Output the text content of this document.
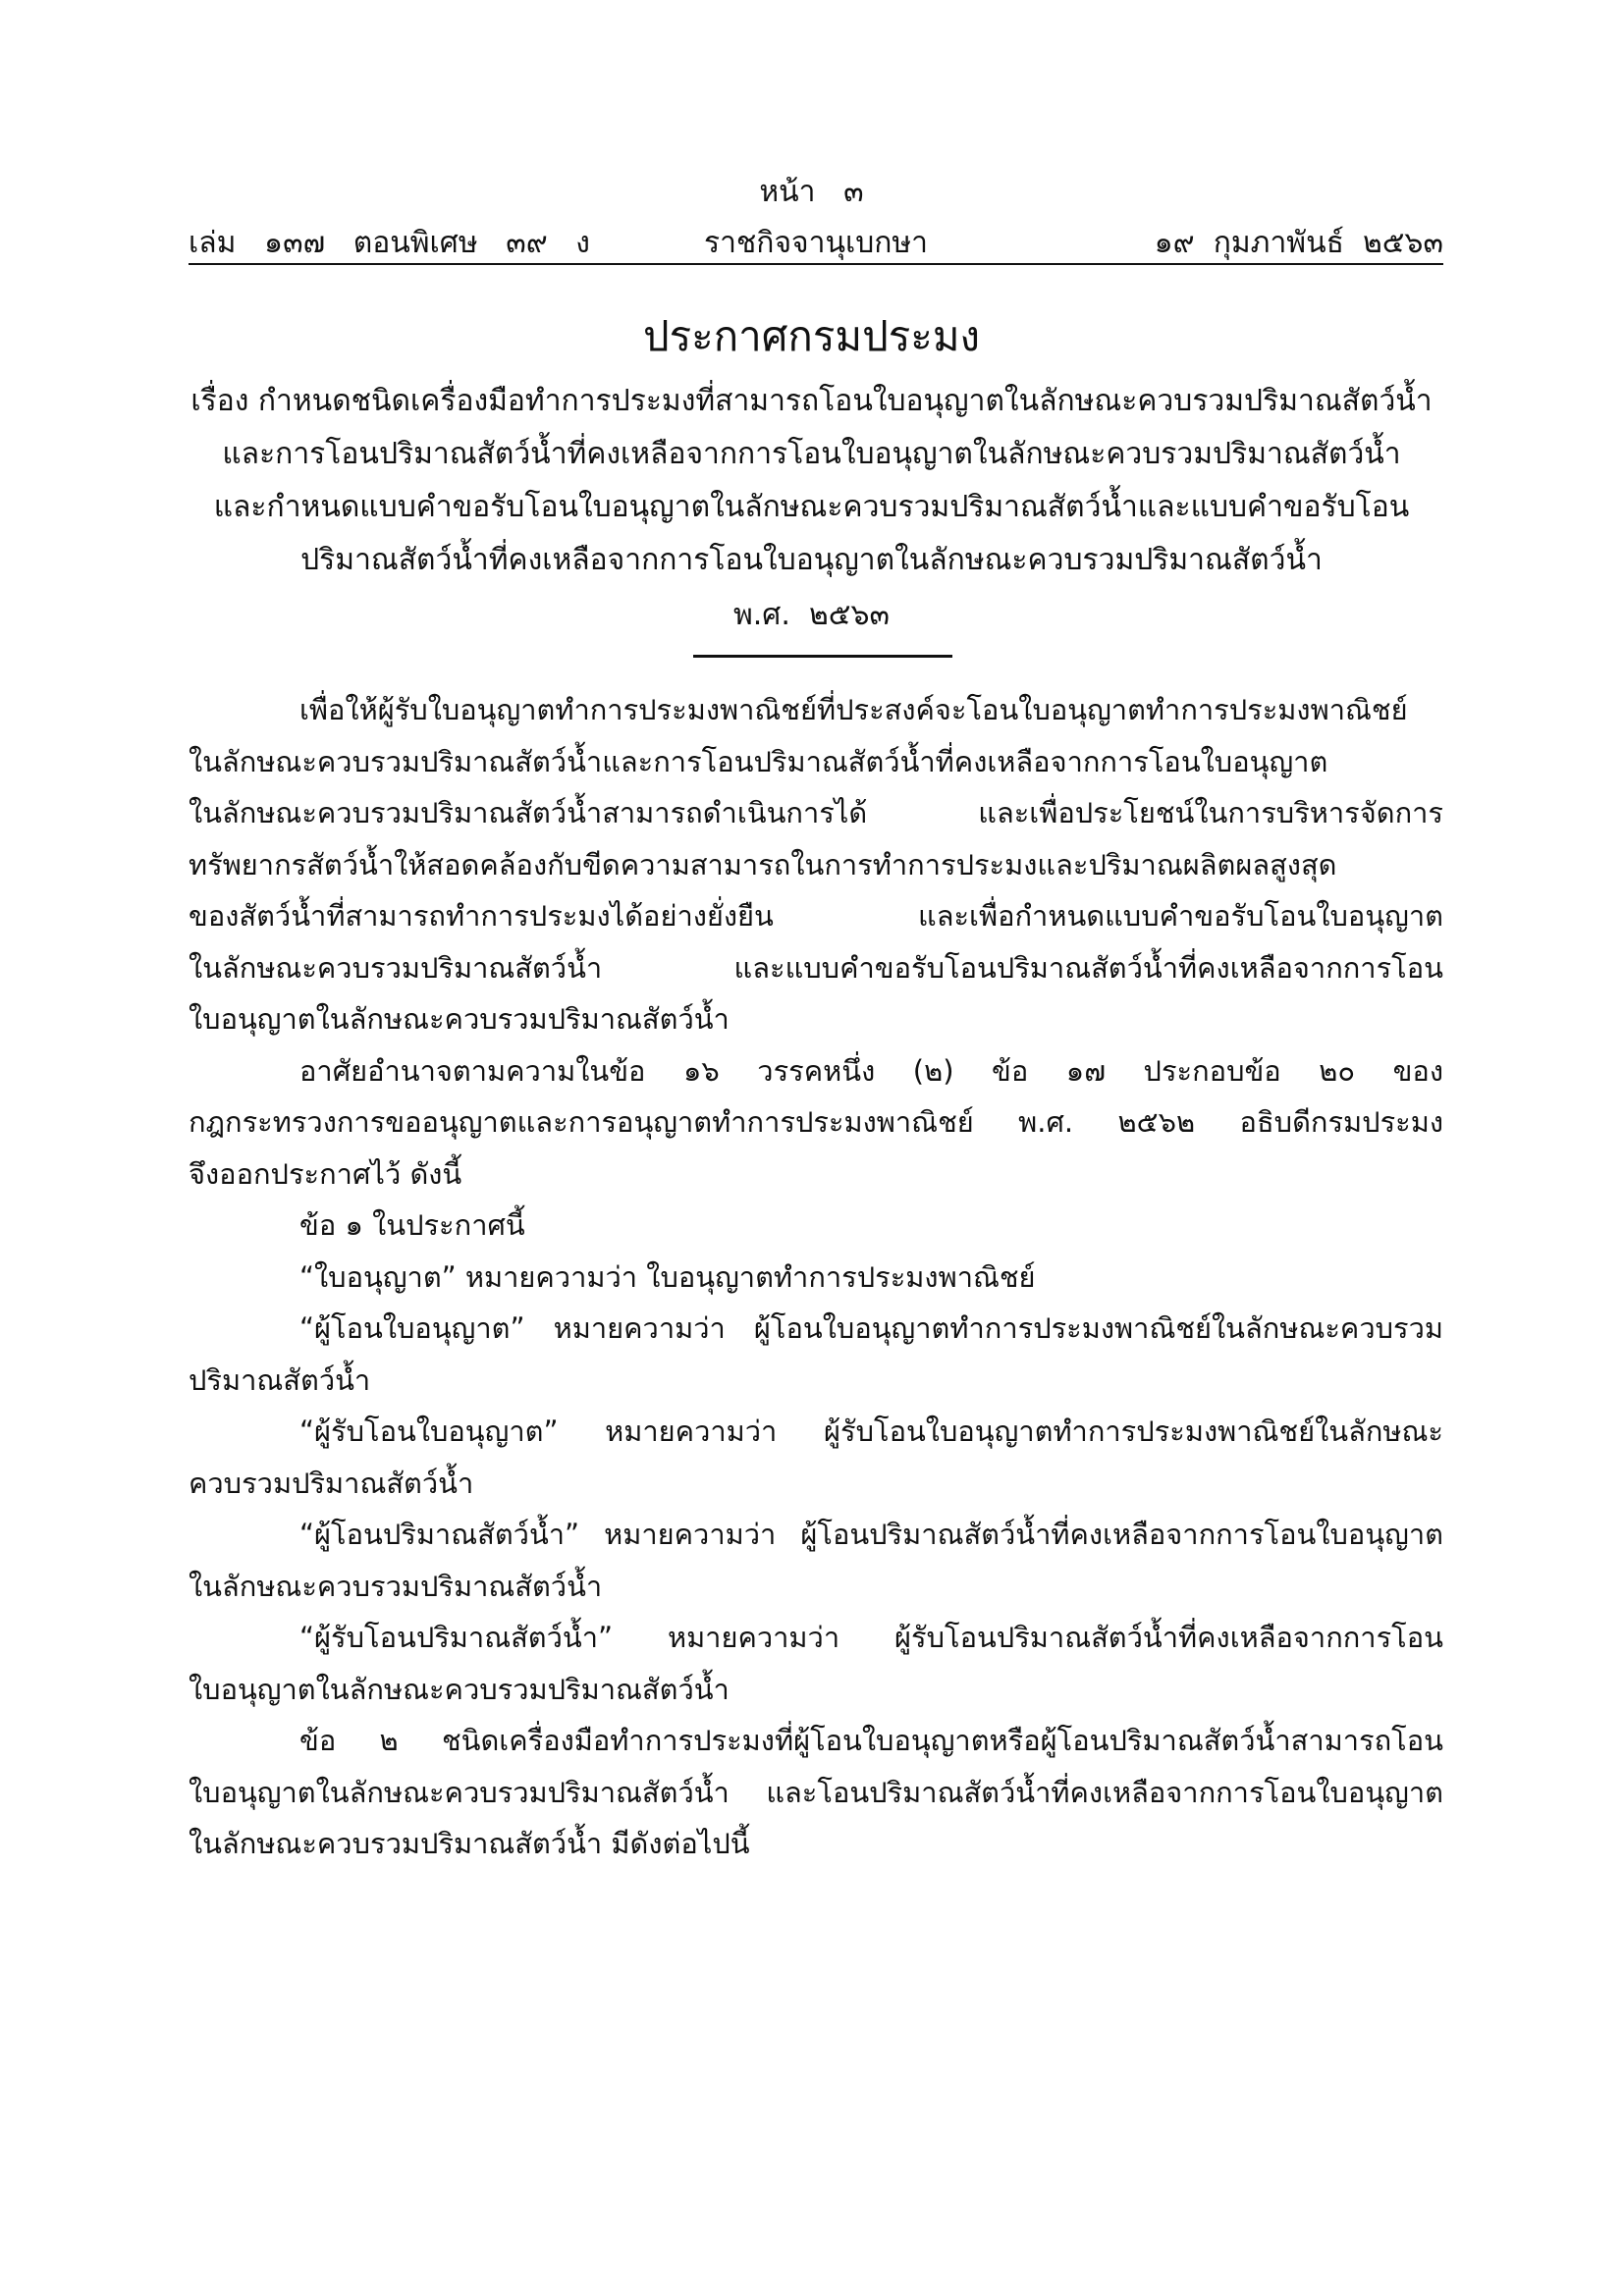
หน้า   ๓
ราชกิจจานุเบกษา
เล่ม   ๑๓๗   ตอนพิเศษ   ๓๙   ง	๑๙  กุมภาพันธ์  ๒๕๖๓
ประกาศกรมประมง
เรื่อง กำหนดชนิดเครื่องมือทำการประมงที่สามารถโอนใบอนุญาตในลักษณะควบรวมปริมาณสัตว์น้ำ
และการโอนปริมาณสัตว์น้ำที่คงเหลือจากการโอนใบอนุญาตในลักษณะควบรวมปริมาณสัตว์น้ำ
และกำหนดแบบคำขอรับโอนใบอนุญาตในลักษณะควบรวมปริมาณสัตว์น้ำและแบบคำขอรับโอน
ปริมาณสัตว์น้ำที่คงเหลือจากการโอนใบอนุญาตในลักษณะควบรวมปริมาณสัตว์น้ำ
พ.ศ.  ๒๕๖๓
เพื่อให้ผู้รับใบอนุญาตทำการประมงพาณิชย์ที่ประสงค์จะโอนใบอนุญาตทำการประมงพาณิชย์
ในลักษณะควบรวมปริมาณสัตว์น้ำและการโอนปริมาณสัตว์น้ำที่คงเหลือจากการโอนใบอนุญาต
ในลักษณะควบรวมปริมาณสัตว์น้ำสามารถดำเนินการได้ และเพื่อประโยชน์ในการบริหารจัดการ
ทรัพยากรสัตว์น้ำให้สอดคล้องกับขีดความสามารถในการทำการประมงและปริมาณผลิตผลสูงสุด
ของสัตว์น้ำที่สามารถทำการประมงได้อย่างยั่งยืน และเพื่อกำหนดแบบคำขอรับโอนใบอนุญาต
ในลักษณะควบรวมปริมาณสัตว์น้ำ และแบบคำขอรับโอนปริมาณสัตว์น้ำที่คงเหลือจากการโอน
ใบอนุญาตในลักษณะควบรวมปริมาณสัตว์น้ำ
อาศัยอำนาจตามความในข้อ ๑๖ วรรคหนึ่ง (๒) ข้อ ๑๗ ประกอบข้อ ๒๐ ของ
กฎกระทรวงการขออนุญาตและการอนุญาตทำการประมงพาณิชย์ พ.ศ. ๒๕๖๒ อธิบดีกรมประมง
จึงออกประกาศไว้ ดังนี้
ข้อ ๑ ในประกาศนี้
“ใบอนุญาต” หมายความว่า ใบอนุญาตทำการประมงพาณิชย์
“ผู้โอนใบอนุญาต” หมายความว่า ผู้โอนใบอนุญาตทำการประมงพาณิชย์ในลักษณะควบรวม
ปริมาณสัตว์น้ำ
“ผู้รับโอนใบอนุญาต” หมายความว่า ผู้รับโอนใบอนุญาตทำการประมงพาณิชย์ในลักษณะ
ควบรวมปริมาณสัตว์น้ำ
“ผู้โอนปริมาณสัตว์น้ำ” หมายความว่า ผู้โอนปริมาณสัตว์น้ำที่คงเหลือจากการโอนใบอนุญาต
ในลักษณะควบรวมปริมาณสัตว์น้ำ
“ผู้รับโอนปริมาณสัตว์น้ำ” หมายความว่า ผู้รับโอนปริมาณสัตว์น้ำที่คงเหลือจากการโอน
ใบอนุญาตในลักษณะควบรวมปริมาณสัตว์น้ำ
ข้อ ๒ ชนิดเครื่องมือทำการประมงที่ผู้โอนใบอนุญาตหรือผู้โอนปริมาณสัตว์น้ำสามารถโอน
ใบอนุญาตในลักษณะควบรวมปริมาณสัตว์น้ำ และโอนปริมาณสัตว์น้ำที่คงเหลือจากการโอนใบอนุญาต
ในลักษณะควบรวมปริมาณสัตว์น้ำ มีดังต่อไปนี้
